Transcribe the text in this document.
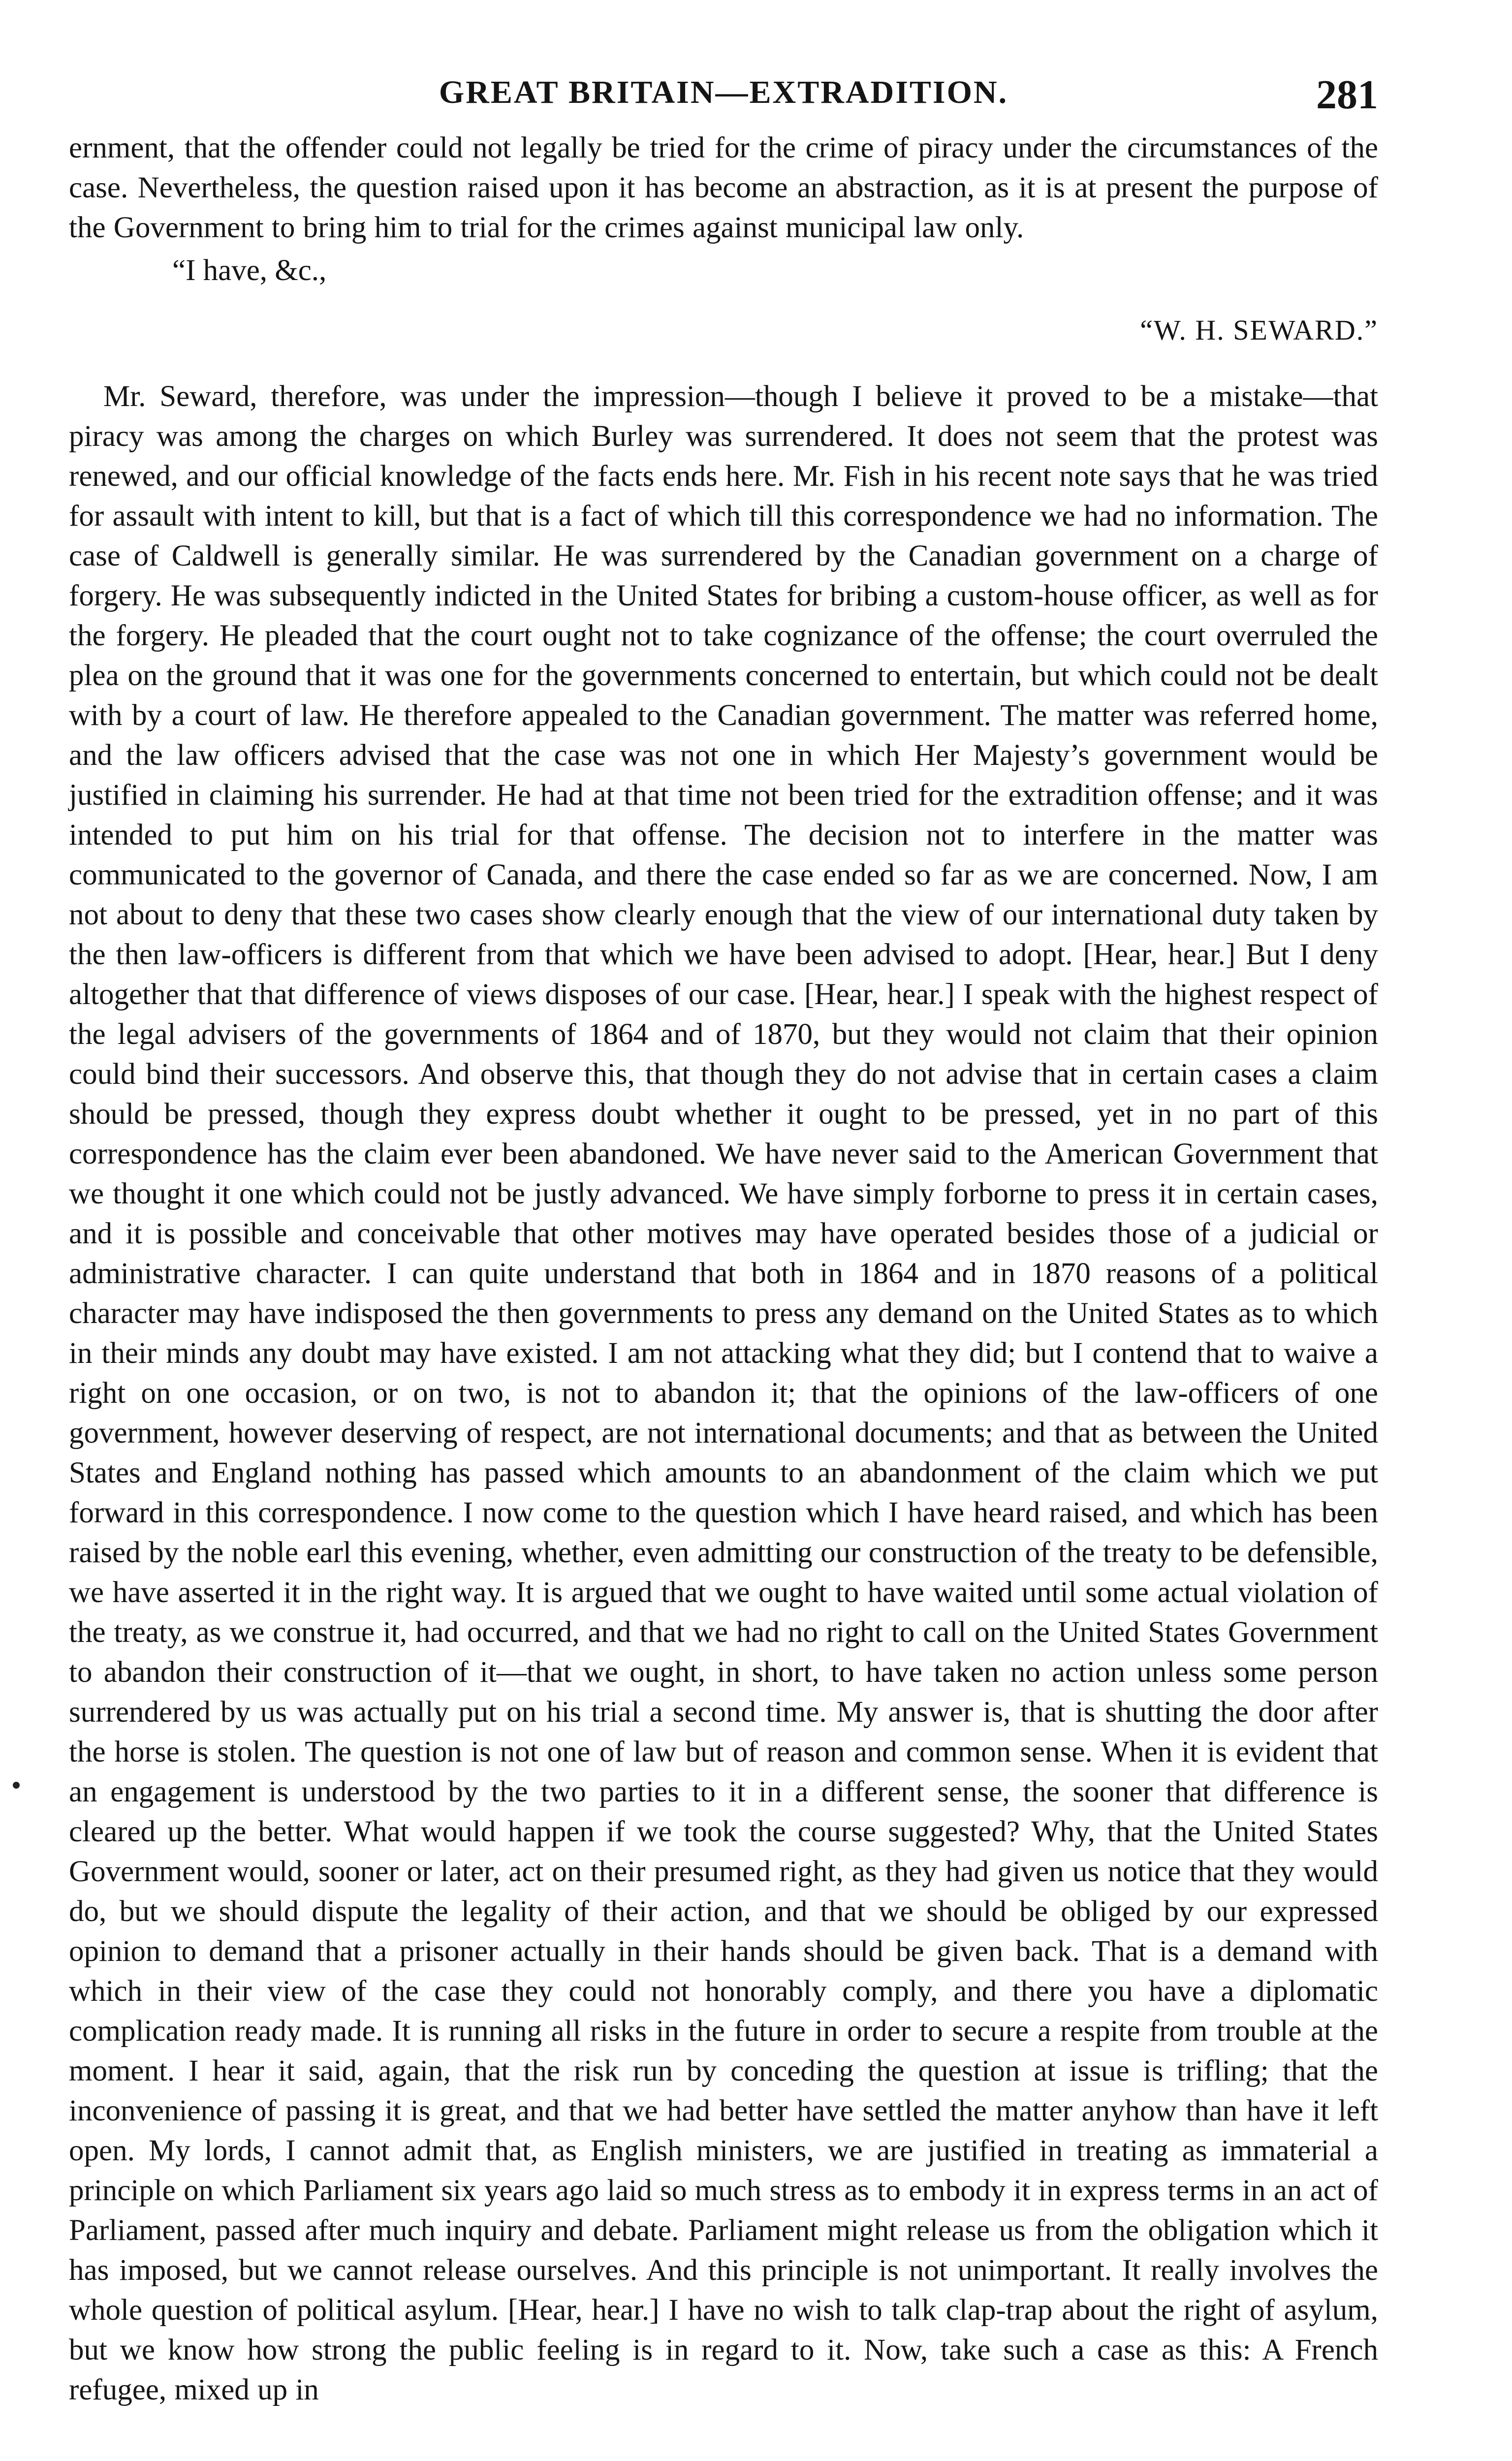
GREAT BRITAIN—EXTRADITION.	281

ernment, that the offender could not legally be tried for the crime of piracy under the circumstances of the case. Nevertheless, the question raised upon it has become an abstraction, as it is at present the purpose of the Government to bring him to trial for the crimes against municipal law only.

“I have, &c.,

“W. H. SEWARD.”

Mr. Seward, therefore, was under the impression—though I believe it proved to be a mistake—that piracy was among the charges on which Burley was surrendered. It does not seem that the protest was renewed, and our official knowledge of the facts ends here. Mr. Fish in his recent note says that he was tried for assault with intent to kill, but that is a fact of which till this correspondence we had no information. The case of Caldwell is generally similar. He was surrendered by the Canadian government on a charge of forgery. He was subsequently indicted in the United States for bribing a custom-house officer, as well as for the forgery. He pleaded that the court ought not to take cognizance of the offense; the court overruled the plea on the ground that it was one for the governments concerned to entertain, but which could not be dealt with by a court of law. He therefore appealed to the Canadian government. The matter was referred home, and the law officers advised that the case was not one in which Her Majesty’s government would be justified in claiming his surrender. He had at that time not been tried for the extradition offense; and it was intended to put him on his trial for that offense. The decision not to interfere in the matter was communicated to the governor of Canada, and there the case ended so far as we are concerned. Now, I am not about to deny that these two cases show clearly enough that the view of our international duty taken by the then law-officers is different from that which we have been advised to adopt. [Hear, hear.] But I deny altogether that that difference of views disposes of our case. [Hear, hear.] I speak with the highest respect of the legal advisers of the governments of 1864 and of 1870, but they would not claim that their opinion could bind their successors. And observe this, that though they do not advise that in certain cases a claim should be pressed, though they express doubt whether it ought to be pressed, yet in no part of this correspondence has the claim ever been abandoned. We have never said to the American Government that we thought it one which could not be justly advanced. We have simply forborne to press it in certain cases, and it is possible and conceivable that other motives may have operated besides those of a judicial or administrative character. I can quite understand that both in 1864 and in 1870 reasons of a political character may have indisposed the then governments to press any demand on the United States as to which in their minds any doubt may have existed. I am not attacking what they did; but I contend that to waive a right on one occasion, or on two, is not to abandon it; that the opinions of the law-officers of one government, however deserving of respect, are not international documents; and that as between the United States and England nothing has passed which amounts to an abandonment of the claim which we put forward in this correspondence. I now come to the question which I have heard raised, and which has been raised by the noble earl this evening, whether, even admitting our construction of the treaty to be defensible, we have asserted it in the right way. It is argued that we ought to have waited until some actual violation of the treaty, as we construe it, had occurred, and that we had no right to call on the United States Government to abandon their construction of it—that we ought, in short, to have taken no action unless some person surrendered by us was actually put on his trial a second time. My answer is, that is shutting the door after the horse is stolen. The question is not one of law but of reason and common sense. When it is evident that an engagement is understood by the two parties to it in a different sense, the sooner that difference is cleared up the better. What would happen if we took the course suggested? Why, that the United States Government would, sooner or later, act on their presumed right, as they had given us notice that they would do, but we should dispute the legality of their action, and that we should be obliged by our expressed opinion to demand that a prisoner actually in their hands should be given back. That is a demand with which in their view of the case they could not honorably comply, and there you have a diplomatic complication ready made. It is running all risks in the future in order to secure a respite from trouble at the moment. I hear it said, again, that the risk run by conceding the question at issue is trifling; that the inconvenience of passing it is great, and that we had better have settled the matter anyhow than have it left open. My lords, I cannot admit that, as English ministers, we are justified in treating as immaterial a principle on which Parliament six years ago laid so much stress as to embody it in express terms in an act of Parliament, passed after much inquiry and debate. Parliament might release us from the obligation which it has imposed, but we cannot release ourselves. And this principle is not unimportant. It really involves the whole question of political asylum. [Hear, hear.] I have no wish to talk clap-trap about the right of asylum, but we know how strong the public feeling is in regard to it. Now, take such a case as this: A French refugee, mixed up in
